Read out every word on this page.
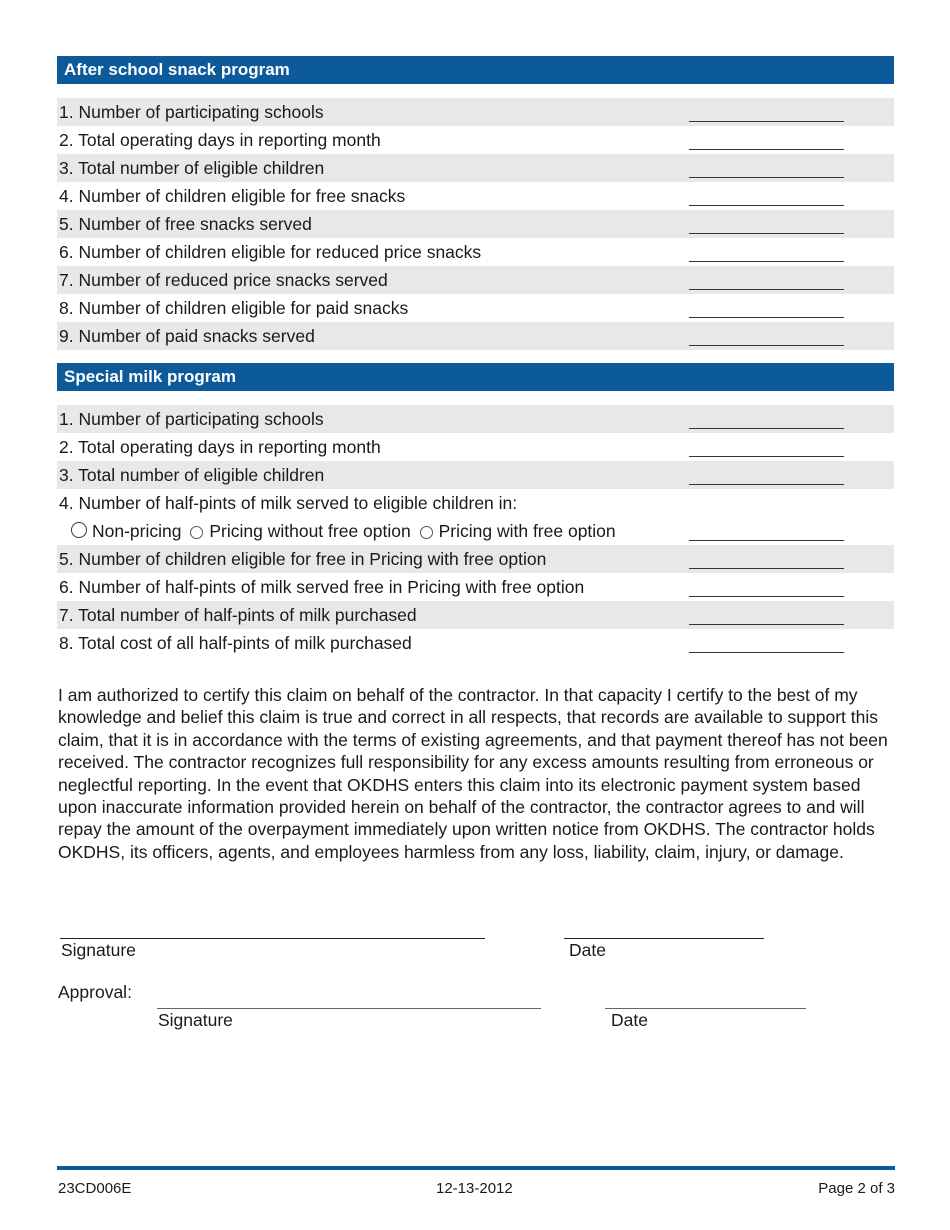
After school snack program
1. Number of participating schools
2. Total operating days in reporting month
3. Total number of eligible children
4. Number of children eligible for free snacks
5. Number of free snacks served
6. Number of children eligible for reduced price snacks
7. Number of reduced price snacks served
8. Number of children eligible for paid snacks
9. Number of paid snacks served
Special milk program
1. Number of participating schools
2. Total operating days in reporting month
3. Total number of eligible children
4. Number of half-pints of milk served to eligible children in:
Non-pricing Pricing without free option Pricing with free option
5. Number of children eligible for free in Pricing with free option
6. Number of half-pints of milk served free in Pricing with free option
7. Total number of half-pints of milk purchased
8. Total cost of all half-pints of milk purchased

I am authorized to certify this claim on behalf of the contractor. In that capacity I certify to the best of my knowledge and belief this claim is true and correct in all respects, that records are available to support this claim, that it is in accordance with the terms of existing agreements, and that payment thereof has not been received. The contractor recognizes full responsibility for any excess amounts resulting from erroneous or neglectful reporting. In the event that OKDHS enters this claim into its electronic payment system based upon inaccurate information provided herein on behalf of the contractor, the contractor agrees to and will repay the amount of the overpayment immediately upon written notice from OKDHS. The contractor holds OKDHS, its officers, agents, and employees harmless from any loss, liability, claim, injury, or damage.

Signature	Date
Approval:
Signature	Date
23CD006E	12-13-2012	Page 2 of 3
